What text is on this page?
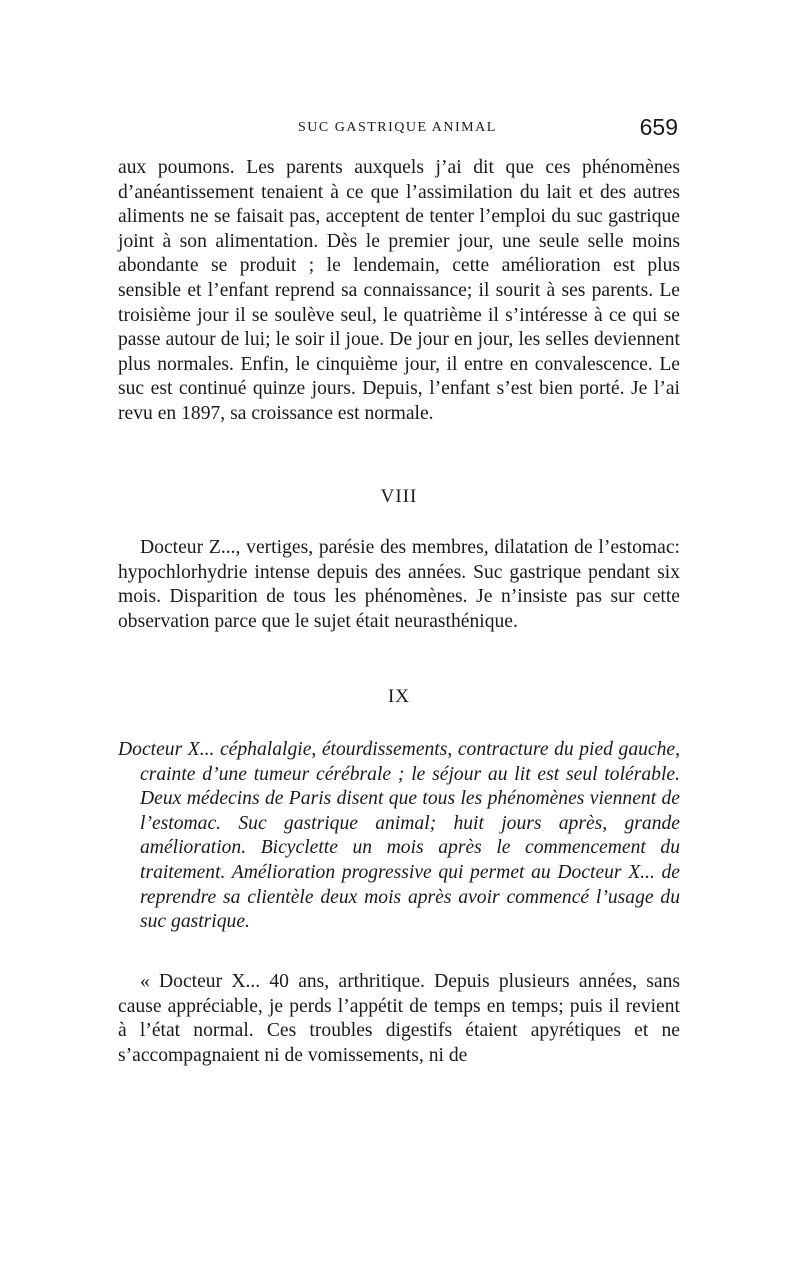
SUC GASTRIQUE ANIMAL	659

aux poumons. Les parents auxquels j’ai dit que ces phénomènes d’anéantissement tenaient à ce que l’assimilation du lait et des autres aliments ne se faisait pas, acceptent de tenter l’emploi du suc gastrique joint à son alimentation. Dès le premier jour, une seule selle moins abondante se produit ; le lendemain, cette amélioration est plus sensible et l’enfant reprend sa connaissance; il sourit à ses parents. Le troisième jour il se soulève seul, le quatrième il s’intéresse à ce qui se passe autour de lui; le soir il joue. De jour en jour, les selles deviennent plus normales. Enfin, le cinquième jour, il entre en convalescence. Le suc est continué quinze jours. Depuis, l’enfant s’est bien porté. Je l’ai revu en 1897, sa croissance est normale.

VIII

Docteur Z..., vertiges, parésie des membres, dilatation de l’estomac: hypochlorhydrie intense depuis des années. Suc gastrique pendant six mois. Disparition de tous les phénomènes. Je n’insiste pas sur cette observation parce que le sujet était neurasthénique.

IX

Docteur X... céphalalgie, étourdissements, contracture du pied gauche, crainte d’une tumeur cérébrale ; le séjour au lit est seul tolérable. Deux médecins de Paris disent que tous les phénomènes viennent de l’estomac. Suc gastrique animal; huit jours après, grande amélioration. Bicyclette un mois après le commencement du traitement. Amélioration progressive qui permet au Docteur X... de reprendre sa clientèle deux mois après avoir commencé l’usage du suc gastrique.

« Docteur X... 40 ans, arthritique. Depuis plusieurs années, sans cause appréciable, je perds l’appétit de temps en temps; puis il revient à l’état normal. Ces troubles digestifs étaient apyrétiques et ne s’accompagnaient ni de vomissements, ni de
